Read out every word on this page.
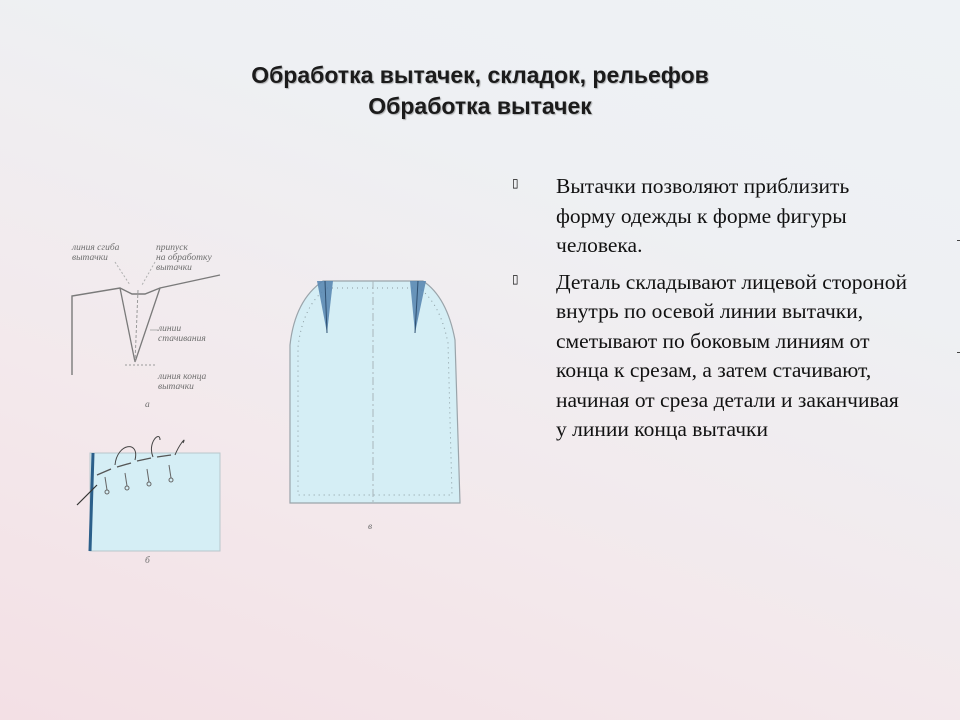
Обработка вытачек, складок, рельефов
Обработка вытачек
линия сгиба
вытачки
припуск
на обработку
вытачки
линии
стачивания
линия конца
вытачки
а
б
в
▯ Вытачки позволяют приблизить форму одежды к форме фигуры человека.
▯ Деталь складывают лицевой стороной внутрь по осевой линии вытачки, сметывают по боковым линиям от конца к срезам, а затем стачивают, начиная от среза детали и заканчивая у линии конца вытачки
